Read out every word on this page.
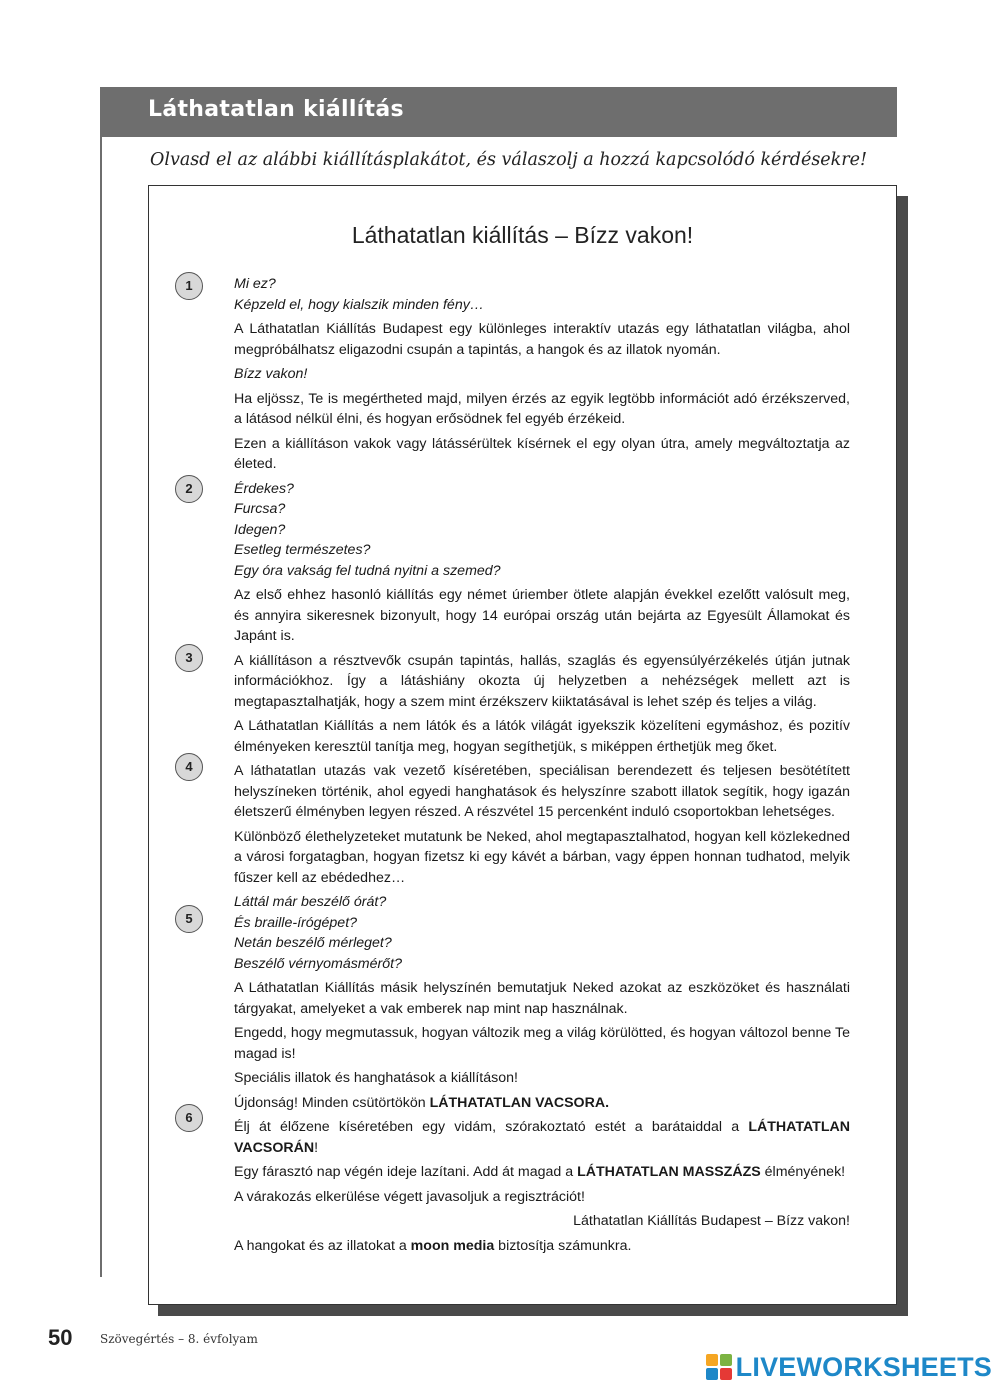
Láthatatlan kiállítás
Olvasd el az alábbi kiállításplakátot, és válaszolj a hozzá kapcsolódó kérdésekre!
Láthatatlan kiállítás – Bízz vakon!
1
2
3
4
5
6

Mi ez?

Képzeld el, hogy kialszik minden fény…

A Láthatatlan Kiállítás Budapest egy különleges interaktív utazás egy láthatatlan világba, ahol megpróbálhatsz eligazodni csupán a tapintás, a hangok és az illatok nyomán.

Bízz vakon!

Ha eljössz, Te is megértheted majd, milyen érzés az egyik legtöbb információt adó érzékszerved, a látásod nélkül élni, és hogyan erősödnek fel egyéb érzékeid.

Ezen a kiállításon vakok vagy látássérültek kísérnek el egy olyan útra, amely megváltoztatja az életed.

Érdekes?

Furcsa?

Idegen?

Esetleg természetes?

Egy óra vakság fel tudná nyitni a szemed?

Az első ehhez hasonló kiállítás egy német úriember ötlete alapján évekkel ezelőtt valósult meg, és annyira sikeresnek bizonyult, hogy 14 európai ország után bejárta az Egyesült Államokat és Japánt is.

A kiállításon a résztvevők csupán tapintás, hallás, szaglás és egyensúlyérzékelés útján jutnak információkhoz. Így a látáshiány okozta új helyzetben a nehézségek mellett azt is megtapasztalhatják, hogy a szem mint érzékszerv kiiktatásával is lehet szép és teljes a világ.

A Láthatatlan Kiállítás a nem látók és a látók világát igyekszik közelíteni egymáshoz, és pozitív élményeken keresztül tanítja meg, hogyan segíthetjük, s miképpen érthetjük meg őket.

A láthatatlan utazás vak vezető kíséretében, speciálisan berendezett és teljesen besötétített helyszíneken történik, ahol egyedi hanghatások és helyszínre szabott illatok segítik, hogy igazán életszerű élményben legyen részed. A részvétel 15 percenként induló csoportokban lehetséges.

Különböző élethelyzeteket mutatunk be Neked, ahol megtapasztalhatod, hogyan kell közlekedned a városi forgatagban, hogyan fizetsz ki egy kávét a bárban, vagy éppen honnan tudhatod, melyik fűszer kell az ebédedhez…

Láttál már beszélő órát?

És braille-írógépet?

Netán beszélő mérleget?

Beszélő vérnyomásmérőt?

A Láthatatlan Kiállítás másik helyszínén bemutatjuk Neked azokat az eszközöket és használati tárgyakat, amelyeket a vak emberek nap mint nap használnak.

Engedd, hogy megmutassuk, hogyan változik meg a világ körülötted, és hogyan változol benne Te magad is!

Speciális illatok és hanghatások a kiállításon!

Újdonság! Minden csütörtökön LÁTHATATLAN VACSORA.

Élj át élőzene kíséretében egy vidám, szórakoztató estét a barátaiddal a LÁTHATATLAN VACSORÁN!

Egy fárasztó nap végén ideje lazítani. Add át magad a LÁTHATATLAN MASSZÁZS élményének!

A várakozás elkerülése végett javasoljuk a regisztrációt!

Láthatatlan Kiállítás Budapest – Bízz vakon!

A hangokat és az illatokat a moon media biztosítja számunkra.

50 Szövegértés – 8. évfolyam
LIVEWORKSHEETS
